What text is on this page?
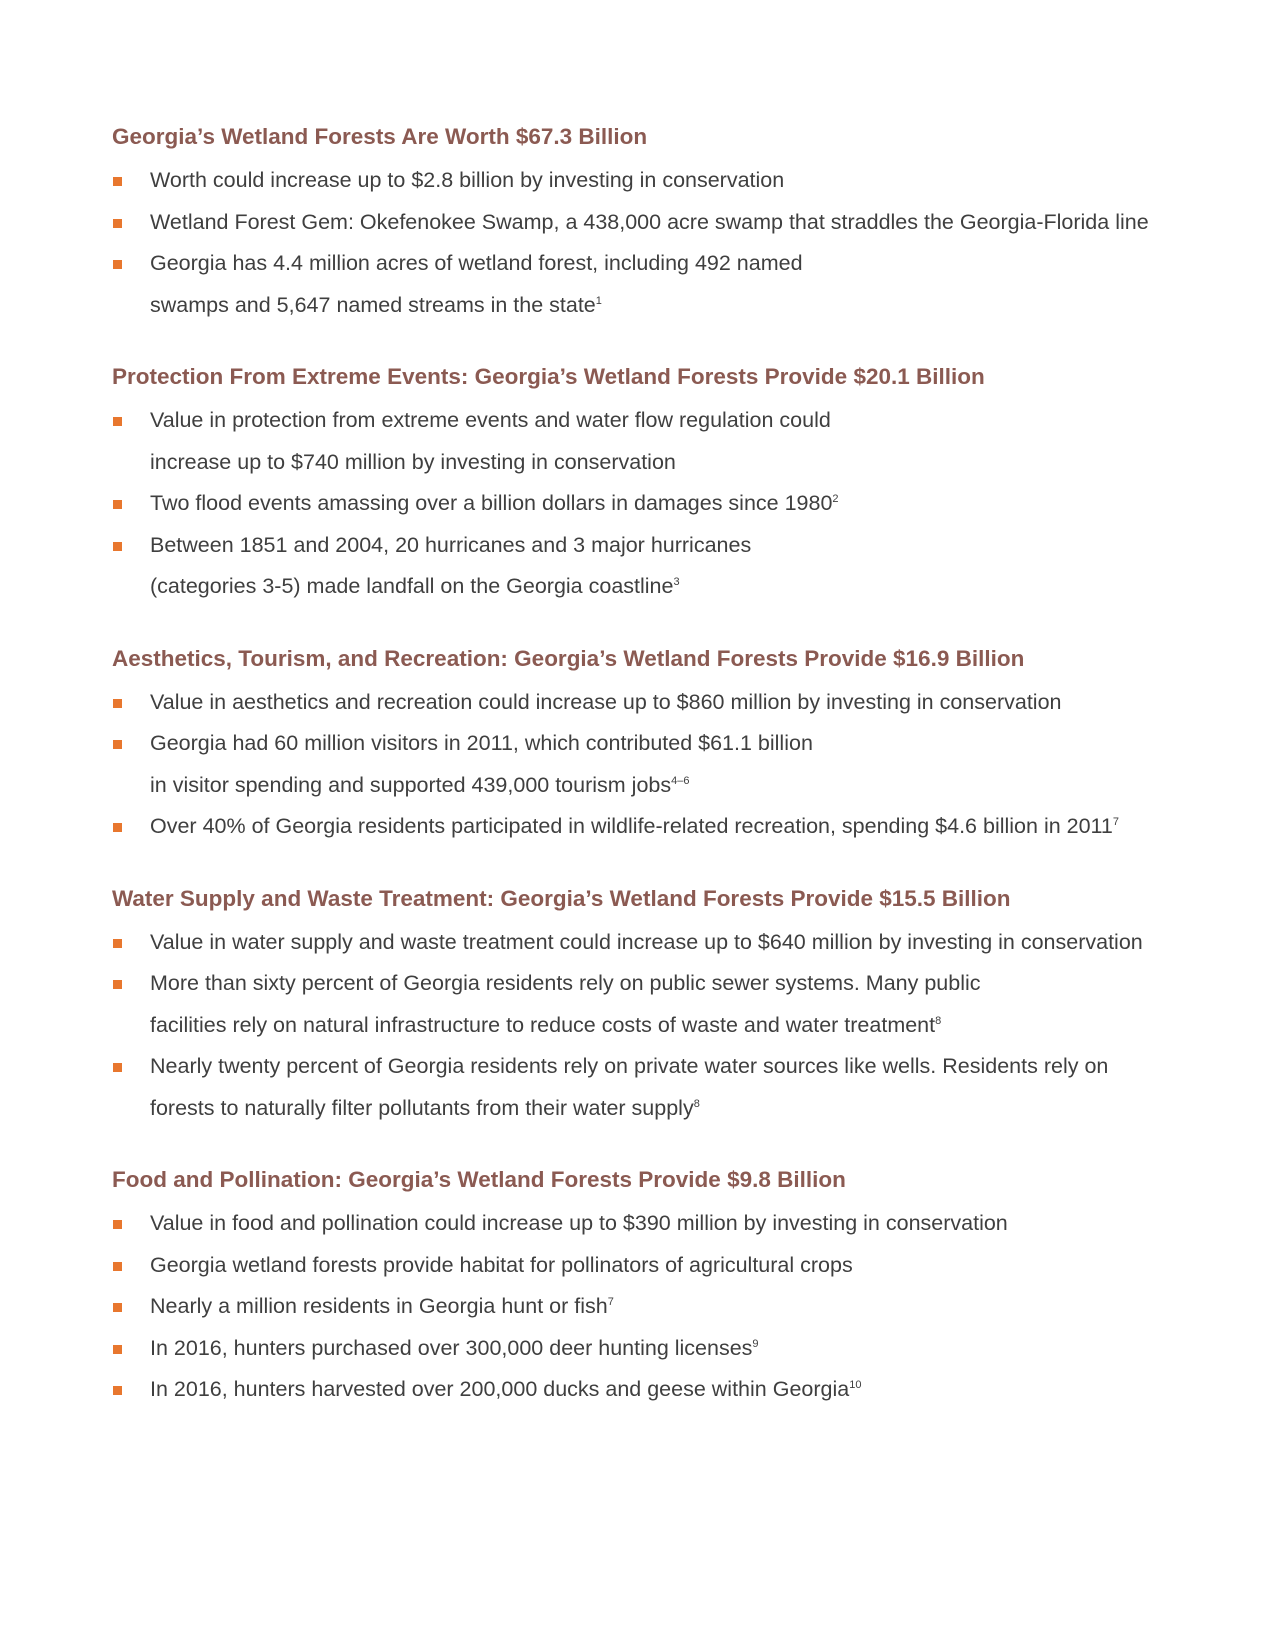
Georgia’s Wetland Forests Are Worth $67.3 Billion
Worth could increase up to $2.8 billion by investing in conservation
Wetland Forest Gem: Okefenokee Swamp, a 438,000 acre swamp that straddles the Georgia-Florida line
Georgia has 4.4 million acres of wetland forest, including 492 named
swamps and 5,647 named streams in the state$^1$
Protection From Extreme Events: Georgia’s Wetland Forests Provide $20.1 Billion
Value in protection from extreme events and water flow regulation could
increase up to $740 million by investing in conservation
Two flood events amassing over a billion dollars in damages since 1980$^2$
Between 1851 and 2004, 20 hurricanes and 3 major hurricanes
(categories 3-5) made landfall on the Georgia coastline$^3$
Aesthetics, Tourism, and Recreation: Georgia’s Wetland Forests Provide $16.9 Billion
Value in aesthetics and recreation could increase up to $860 million by investing in conservation
Georgia had 60 million visitors in 2011, which contributed $61.1 billion
in visitor spending and supported 439,000 tourism jobs$^{4-6}$
Over 40% of Georgia residents participated in wildlife-related recreation, spending $4.6 billion in 2011$^7$
Water Supply and Waste Treatment: Georgia’s Wetland Forests Provide $15.5 Billion
Value in water supply and waste treatment could increase up to $640 million by investing in conservation
More than sixty percent of Georgia residents rely on public sewer systems. Many public
facilities rely on natural infrastructure to reduce costs of waste and water treatment$^8$
Nearly twenty percent of Georgia residents rely on private water sources like wells. Residents rely on
forests to naturally filter pollutants from their water supply$^8$
Food and Pollination: Georgia’s Wetland Forests Provide $9.8 Billion
Value in food and pollination could increase up to $390 million by investing in conservation
Georgia wetland forests provide habitat for pollinators of agricultural crops
Nearly a million residents in Georgia hunt or fish$^7$
In 2016, hunters purchased over 300,000 deer hunting licenses$^9$
In 2016, hunters harvested over 200,000 ducks and geese within Georgia$^{10}$
